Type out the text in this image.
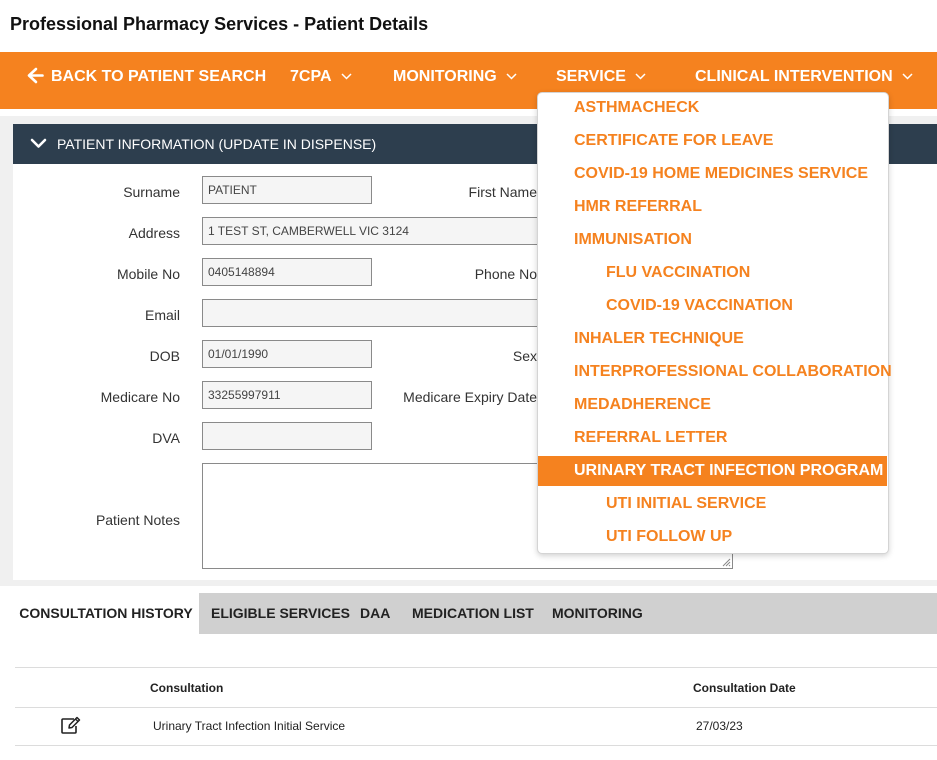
Professional Pharmacy Services - Patient Details
BACK TO PATIENT SEARCH 7CPA	MONITORING	SERVICE	CLINICAL INTERVENTION
PATIENT INFORMATION (UPDATE IN DISPENSE)
Surname	PATIENT	First Name
Address	1 TEST ST, CAMBERWELL VIC 3124
Mobile No	0405148894	Phone No
Email
DOB	01/01/1990	Sex
Medicare No	33255997911	Medicare Expiry Date
DVA
Patient Notes
CONSULTATION HISTORY	ELIGIBLE SERVICES DAA MEDICATION LIST MONITORING
Consultation	Consultation Date
Urinary Tract Infection Initial Service	27/03/23
ASTHMACHECK
CERTIFICATE FOR LEAVE
COVID-19 HOME MEDICINES SERVICE
HMR REFERRAL
IMMUNISATION
FLU VACCINATION
COVID-19 VACCINATION
INHALER TECHNIQUE
INTERPROFESSIONAL COLLABORATION
MEDADHERENCE
REFERRAL LETTER
URINARY TRACT INFECTION PROGRAM
UTI INITIAL SERVICE
UTI FOLLOW UP
